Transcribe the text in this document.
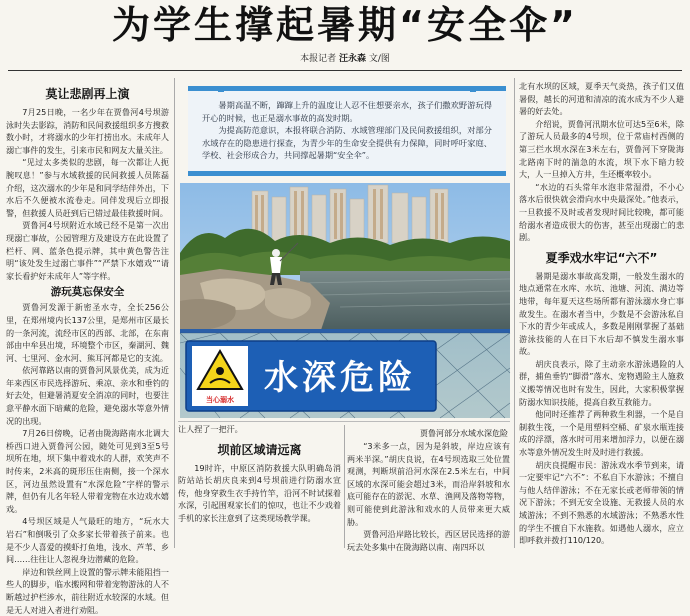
为学生撑起暑期“安全伞”
本报记者 汪永森 文/图
莫让悲剧再上演

7月25日晚，一名少年在贾鲁河4号坝游泳时失去影踪，消防和民间救援组织多方搜救数小时，才将溺水的少年打捞出水。未成年人溺亡事件的发生，引来市民和网友大量关注。

“见过太多类似的悲剧，每一次都让人扼腕叹息！”参与水域救援的民间救援人员陈磊介绍，这次溺水的少年是和同学结伴外出，下水后不久便被水流卷走。同伴发现后立即报警，但救援人员赶到后已错过最佳救援时间。

贾鲁河4号坝附近水域已经不是第一次出现溺亡事故，公园管理方及建设方在此设置了栏杆、网、蓝条色提示牌，其中黄色警告注明“该处发生过溺亡事件”“严禁下水嬉戏”“请家长看护好未成年人”等字样。

游玩莫忘保安全

贾鲁河发源于新密圣水寺，全长256公里，在郑州境内长137公里，是郑州市区最长的一条河流，流经市区的西部、北部，在东南部由中牟县出境，环境整个市区，秦湖河、魏河、七里河、金水河、熊耳河都是它的支流。

依河靠路以南的贾鲁河风景优美，成为近年来西区市民选择游玩、乘凉、亲水和垂钓的好去处，但避暑消夏安全消凉的同时，也要注意平静水面下暗藏的危险，避免溺水等意外情况的出现。

7月26日傍晚，记者由陇海路南水北调大桥西口进入贾鲁河公园，随处可见到3至5号坝所在地，坝下集中着戏水的人群，欢笑声不时传来，2米高的斑形压住南侧，接一个深水区，河边虽然设置有“水深危险”字样的警示牌，但仍有儿名年轻人带着宠物在水边戏水嬉戏。

4号坝区域是人气最旺的地方，“玩水大岩石”和倒吸引了众多家长带着孩子前来。也是不少人喜爱的摸虾打鱼地，浅水、芦苇、乡间……往往让人忽视身边潜藏的危险。

岸边和铁丝网上设置的警示牌未能阻挡一些人的脚步，临水搬网和带着宠物游泳的人不断越过护栏涉水，前往附近水较深的水域。但是无人对进入者进行劝阻。

暑期高温不断，蹿蹿上升的温度让人忍不住想要亲水，孩子们撒欢野游玩得开心的时候，也正是溺水事故的高发时期。

为提高防范意识，本报将联合消防、水域管理部门及民间救援组织，对部分水域存在的隐患进行探查，为青少年的生命安全提供有力保障，同时呼吁家庭、学校、社会形成合力，共同撑起暑期“安全伞”。

当心溺水
水深危险
贾鲁河部分水域水深危险

让人捏了一把汗。

坝前区域请远离

19时许，中原区消防救援大队明确岛消防站站长胡庆良来到4号坝前进行防溺水宣传，他身穿救生衣手持竹竿，沿河不时试探着水深，引起围观家长们的惊叹，也让不少戏着手机的家长注意到了这类现场教学课。

“3米多一点，因为是斜坡，岸边应该有两米半深。”胡庆良说，在4号坝选取三处位置观测，判断坝前沿河水深在2.5米左右，中间区域的水深可能会超过3米，而沿岸斜坡和水底可能存在的淤泥、水草、渔网及落物等物，则可能使到此游泳和戏水的人员带来更大威胁。

贾鲁河沿岸路比较长，西区居民选择的游玩去处多集中在陇海路以南、南四环以

北有水坝的区域，夏季天气炎热，孩子们又值暑假，越长的河道和清凉的流水成为不少人避暑的好去处。

介绍说，贾鲁河汛期水位可达5至6米，除了游玩人员最多的4号坝，位于常庙村西侧的第三拦水坝水深在3米左右，贾鲁河下穿陇海北路南下时的湍急的水流，坝下水下暗力较大，人一旦掉入方井，生还概率较小。

“水边的石头常年水泡非常湿滑，不小心落水后很快就会滑向水中央最深处。”他表示，一旦救援不及时或者发现时间比较晚，都可能给溺水者造成很大的伤害，甚至出现溺亡的悲剧。

夏季戏水牢记“六不”

暑期是溺水事故高发期，一般发生溺水的地点通常在水库、水坑、池塘、河流、满边等地带，每年夏天这些场所都有游泳溺水身亡事故发生。在溺水者当中，少数是不会游泳私自下水的青少年或成人，多数是刚刚掌握了基础游泳技能的人在日下水后却不慎发生溺水事故。

胡庆良表示，除了主动亲水游泳遇险的人群，捕鱼垂钓“脚滑”落水、宠物遇险主人施救义搬等情况也时有发生，因此，大家积极掌握防溺水知识技能，提高自救互救能力。

他同时还推荐了两种救生利器，一个是自制救生筏，一个是用塑料空桶、矿泉水瓶连接成的浮漂，落水时可用来增加浮力，以便在溺水等意外情况发生时及时进行救援。

胡庆良提醒市民：游泳戏水季节到来，请一定要牢记“六不”：不私自下水游泳；不擅自与他人结伴游泳；不在无家长或老师带领的情况下游泳；不到无安全设施、无救援人员的水域游泳；不到不熟悉的水域游泳；不熟悉水性的学生不擅自下水施救。如遇他人溺水，应立即呼救并拨打110/120。
